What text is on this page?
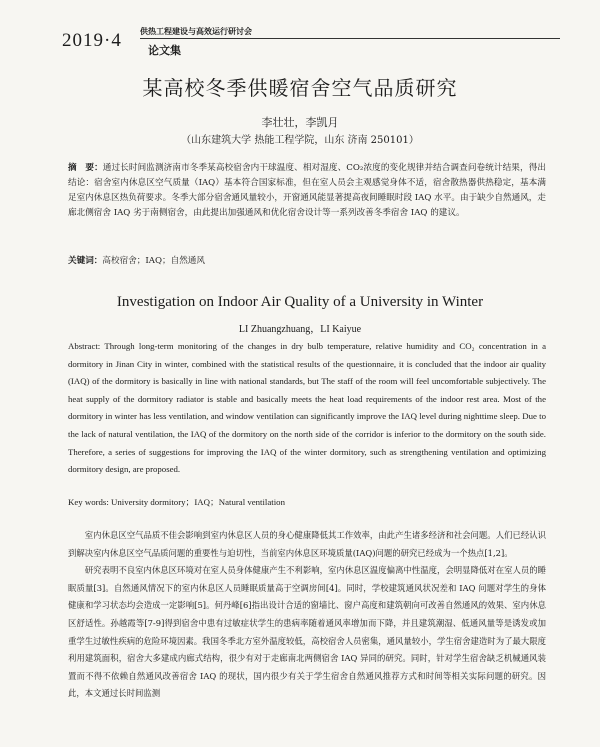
2019·4 供热工程建设与高效运行研讨会
论文集
某高校冬季供暖宿舍空气品质研究
李壮壮，李凯月
（山东建筑大学 热能工程学院，山东 济南 250101）
摘　要：通过长时间监测济南市冬季某高校宿舍内干球温度、相对湿度、CO₂浓度的变化规律并结合调查问卷统计结果，得出结论：宿舍室内休息区空气质量（IAQ）基本符合国家标准，但在室人员会主观感觉身体不适，宿舍散热器供热稳定，基本满足室内休息区热负荷要求。冬季大部分宿舍通风量较小，开窗通风能显著提高夜间睡眠时段 IAQ 水平。由于缺少自然通风，走廊北侧宿舍 IAQ 劣于南侧宿舍，由此提出加强通风和优化宿舍设计等一系列改善冬季宿舍 IAQ 的建议。
关键词：高校宿舍；IAQ；自然通风
Investigation on Indoor Air Quality of a University in Winter
LI Zhuangzhuang，LI Kaiyue
Abstract: Through long-term monitoring of the changes in dry bulb temperature, relative humidity and CO₂ concentration in a dormitory in Jinan City in winter, combined with the statistical results of the questionnaire, it is concluded that the indoor air quality (IAQ) of the dormitory is basically in line with national standards, but The staff of the room will feel uncomfortable subjectively. The heat supply of the dormitory radiator is stable and basically meets the heat load requirements of the indoor rest area. Most of the dormitory in winter has less ventilation, and window ventilation can significantly improve the IAQ level during nighttime sleep. Due to the lack of natural ventilation, the IAQ of the dormitory on the north side of the corridor is inferior to the dormitory on the south side. Therefore, a series of suggestions for improving the IAQ of the winter dormitory, such as strengthening ventilation and optimizing dormitory design, are proposed.
Key words: University dormitory；IAQ；Natural ventilation

室内休息区空气品质不佳会影响到室内休息区人员的身心健康降低其工作效率，由此产生诸多经济和社会问题。人们已经认识到解决室内休息区空气品质问题的重要性与迫切性，当前室内休息区环境质量(IAQ)问题的研究已经成为一个热点[1,2]。

研究表明不良室内休息区环境对在室人员身体健康产生不利影响，室内休息区温度偏离中性温度，会明显降低对在室人员的睡眠质量[3]。自然通风情况下的室内休息区人员睡眠质量高于空调房间[4]。同时，学校建筑通风状况差和 IAQ 问题对学生的身体健康和学习状态均会造成一定影响[5]。何丹峰[6]指出设计合适的窗墙比、窗户高度和建筑朝向可改善自然通风的效果、室内休息区舒适性。孙越霞等[7-9]得到宿舍中患有过敏症状学生的患病率随着通风率增加而下降，并且建筑潮湿、低通风量等是诱发或加重学生过敏性疾病的危险环境因素。我国冬季北方室外温度较低，高校宿舍人员密集，通风量较小，学生宿舍建造时为了最大限度利用建筑面积，宿舍大多建成内廊式结构，很少有对于走廊南北两侧宿舍 IAQ 异同的研究。同时，针对学生宿舍缺乏机械通风装置而不得不依赖自然通风改善宿舍 IAQ 的现状，国内很少有关于学生宿舍自然通风推荐方式和时间等相关实际问题的研究。因此，本文通过长时间监测
